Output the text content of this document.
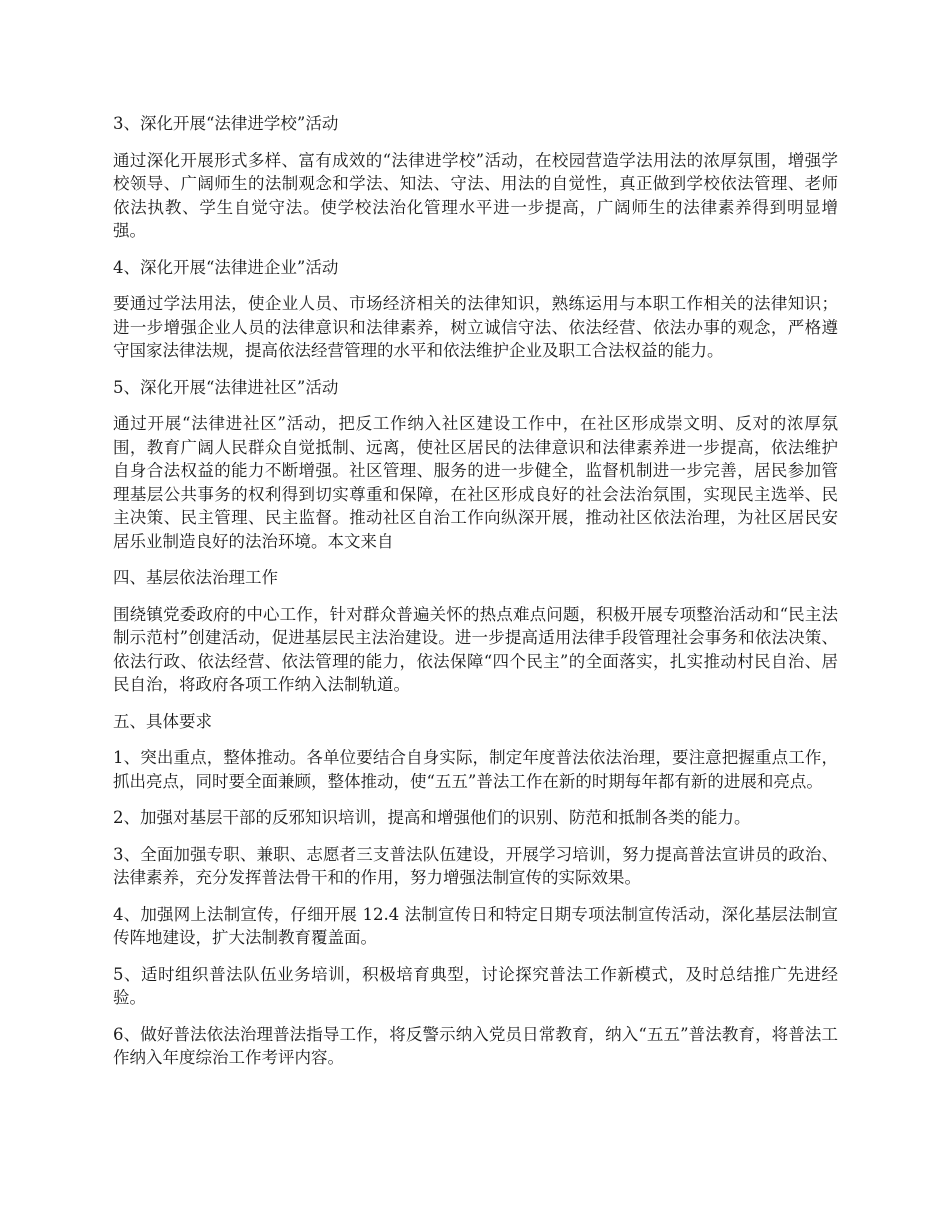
3、深化开展“法律进学校”活动

通过深化开展形式多样、富有成效的“法律进学校”活动，在校园营造学法用法的浓厚氛围，增强学校领导、广阔师生的法制观念和学法、知法、守法、用法的自觉性，真正做到学校依法管理、老师依法执教、学生自觉守法。使学校法治化管理水平进一步提高，广阔师生的法律素养得到明显增强。

4、深化开展“法律进企业”活动

要通过学法用法，使企业人员、市场经济相关的法律知识，熟练运用与本职工作相关的法律知识；进一步增强企业人员的法律意识和法律素养，树立诚信守法、依法经营、依法办事的观念，严格遵守国家法律法规，提高依法经营管理的水平和依法维护企业及职工合法权益的能力。

5、深化开展“法律进社区”活动

通过开展“法律进社区”活动，把反工作纳入社区建设工作中，在社区形成崇文明、反对的浓厚氛围，教育广阔人民群众自觉抵制、远离，使社区居民的法律意识和法律素养进一步提高，依法维护自身合法权益的能力不断增强。社区管理、服务的进一步健全，监督机制进一步完善，居民参加管理基层公共事务的权利得到切实尊重和保障，在社区形成良好的社会法治氛围，实现民主选举、民主决策、民主管理、民主监督。推动社区自治工作向纵深开展，推动社区依法治理，为社区居民安居乐业制造良好的法治环境。本文来自

四、基层依法治理工作

围绕镇党委政府的中心工作，针对群众普遍关怀的热点难点问题，积极开展专项整治活动和“民主法制示范村”创建活动，促进基层民主法治建设。进一步提高适用法律手段管理社会事务和依法决策、依法行政、依法经营、依法管理的能力，依法保障“四个民主”的全面落实，扎实推动村民自治、居民自治，将政府各项工作纳入法制轨道。

五、具体要求

1、突出重点，整体推动。各单位要结合自身实际，制定年度普法依法治理，要注意把握重点工作，抓出亮点，同时要全面兼顾，整体推动，使“五五”普法工作在新的时期每年都有新的进展和亮点。

2、加强对基层干部的反邪知识培训，提高和增强他们的识别、防范和抵制各类的能力。

3、全面加强专职、兼职、志愿者三支普法队伍建设，开展学习培训，努力提高普法宣讲员的政治、法律素养，充分发挥普法骨干和的作用，努力增强法制宣传的实际效果。

4、加强网上法制宣传，仔细开展 12.4 法制宣传日和特定日期专项法制宣传活动，深化基层法制宣传阵地建设，扩大法制教育覆盖面。

5、适时组织普法队伍业务培训，积极培育典型，讨论探究普法工作新模式，及时总结推广先进经验。

6、做好普法依法治理普法指导工作，将反警示纳入党员日常教育，纳入“五五”普法教育，将普法工作纳入年度综治工作考评内容。
